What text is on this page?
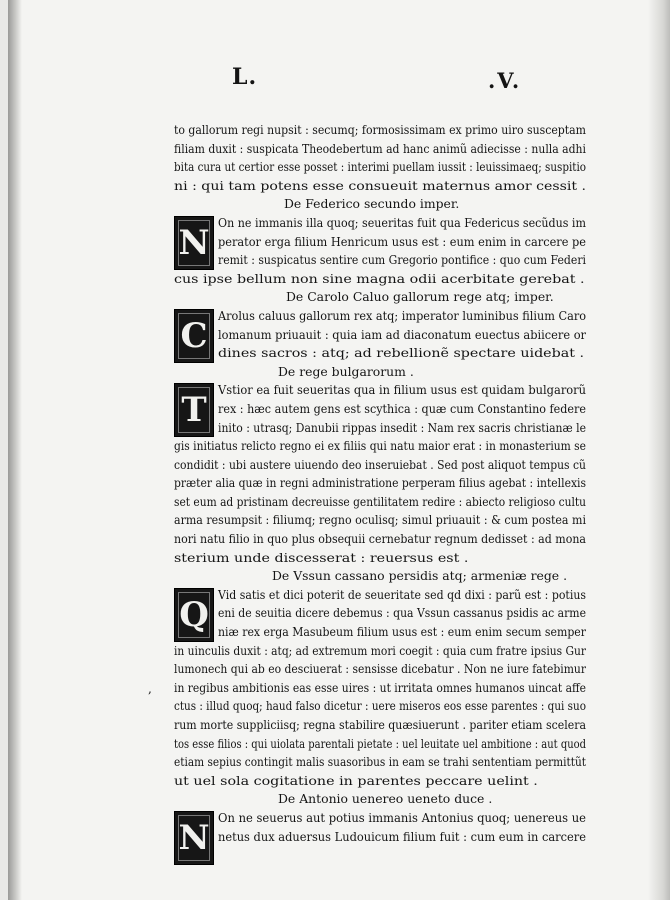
L.	.V.
,
to gallorum regi nupsit : secumq; formosissimam ex primo uiro susceptam
filiam duxit : suspicata Theodebertum ad hanc animũ adiecisse : nulla adhi
bita cura ut certior esse posset : interimi puellam iussit : leuissimaeq; suspitio
ni : qui tam potens esse consueuit maternus amor cessit .
De Federico secundo imper.
N
On ne immanis illa quoq; seueritas fuit qua Federicus secũdus im
perator erga filium Henricum usus est : eum enim in carcere pe
remit : suspicatus sentire cum Gregorio pontifice : quo cum Federi
cus ipse bellum non sine magna odii acerbitate gerebat .
De Carolo Caluo gallorum rege atq; imper.
C
Arolus caluus gallorum rex atq; imperator luminibus filium Caro
lomanum priuauit : quia iam ad diaconatum euectus abiicere or
dines sacros : atq; ad rebellionẽ spectare uidebat .
De rege bulgarorum .
T
Vstior ea fuit seueritas qua in filium usus est quidam bulgarorũ
rex : hæc autem gens est scythica : quæ cum Constantino federe
inito : utrasq; Danubii rippas insedit : Nam rex sacris christianæ le
gis initiatus relicto regno ei ex filiis qui natu maior erat : in monasterium se
condidit : ubi austere uiuendo deo inseruiebat . Sed post aliquot tempus cũ
præter alia quæ in regni administratione perperam filius agebat : intellexis
set eum ad pristinam decreuisse gentilitatem redire : abiecto religioso cultu
arma resumpsit : filiumq; regno oculisq; simul priuauit : & cum postea mi
nori natu filio in quo plus obsequii cernebatur regnum dedisset : ad mona
sterium unde discesserat : reuersus est .
De Vssun cassano persidis atq; armeniæ rege .
Q
Vid satis et dici poterit de seueritate sed qd dixi : parũ est : potius
eni de seuitia dicere debemus : qua Vssun cassanus psidis ac arme
niæ rex erga Masubeum filium usus est : eum enim secum semper
in uinculis duxit : atq; ad extremum mori coegit : quia cum fratre ipsius Gur
lumonech qui ab eo desciuerat : sensisse dicebatur . Non ne iure fatebimur
in regibus ambitionis eas esse uires : ut irritata omnes humanos uincat affe
ctus : illud quoq; haud falso dicetur : uere miseros eos esse parentes : qui suo
rum morte suppliciisq; regna stabilire quæsiuerunt . pariter etiam scelera
tos esse filios : qui uiolata parentali pietate : uel leuitate uel ambitione : aut quod
etiam sepius contingit malis suasoribus in eam se trahi sententiam permittũt
ut uel sola cogitatione in parentes peccare uelint .
De Antonio uenereo ueneto duce .
N
On ne seuerus aut potius immanis Antonius quoq; uenereus ue
netus dux aduersus Ludouicum filium fuit : cum eum in carcere
